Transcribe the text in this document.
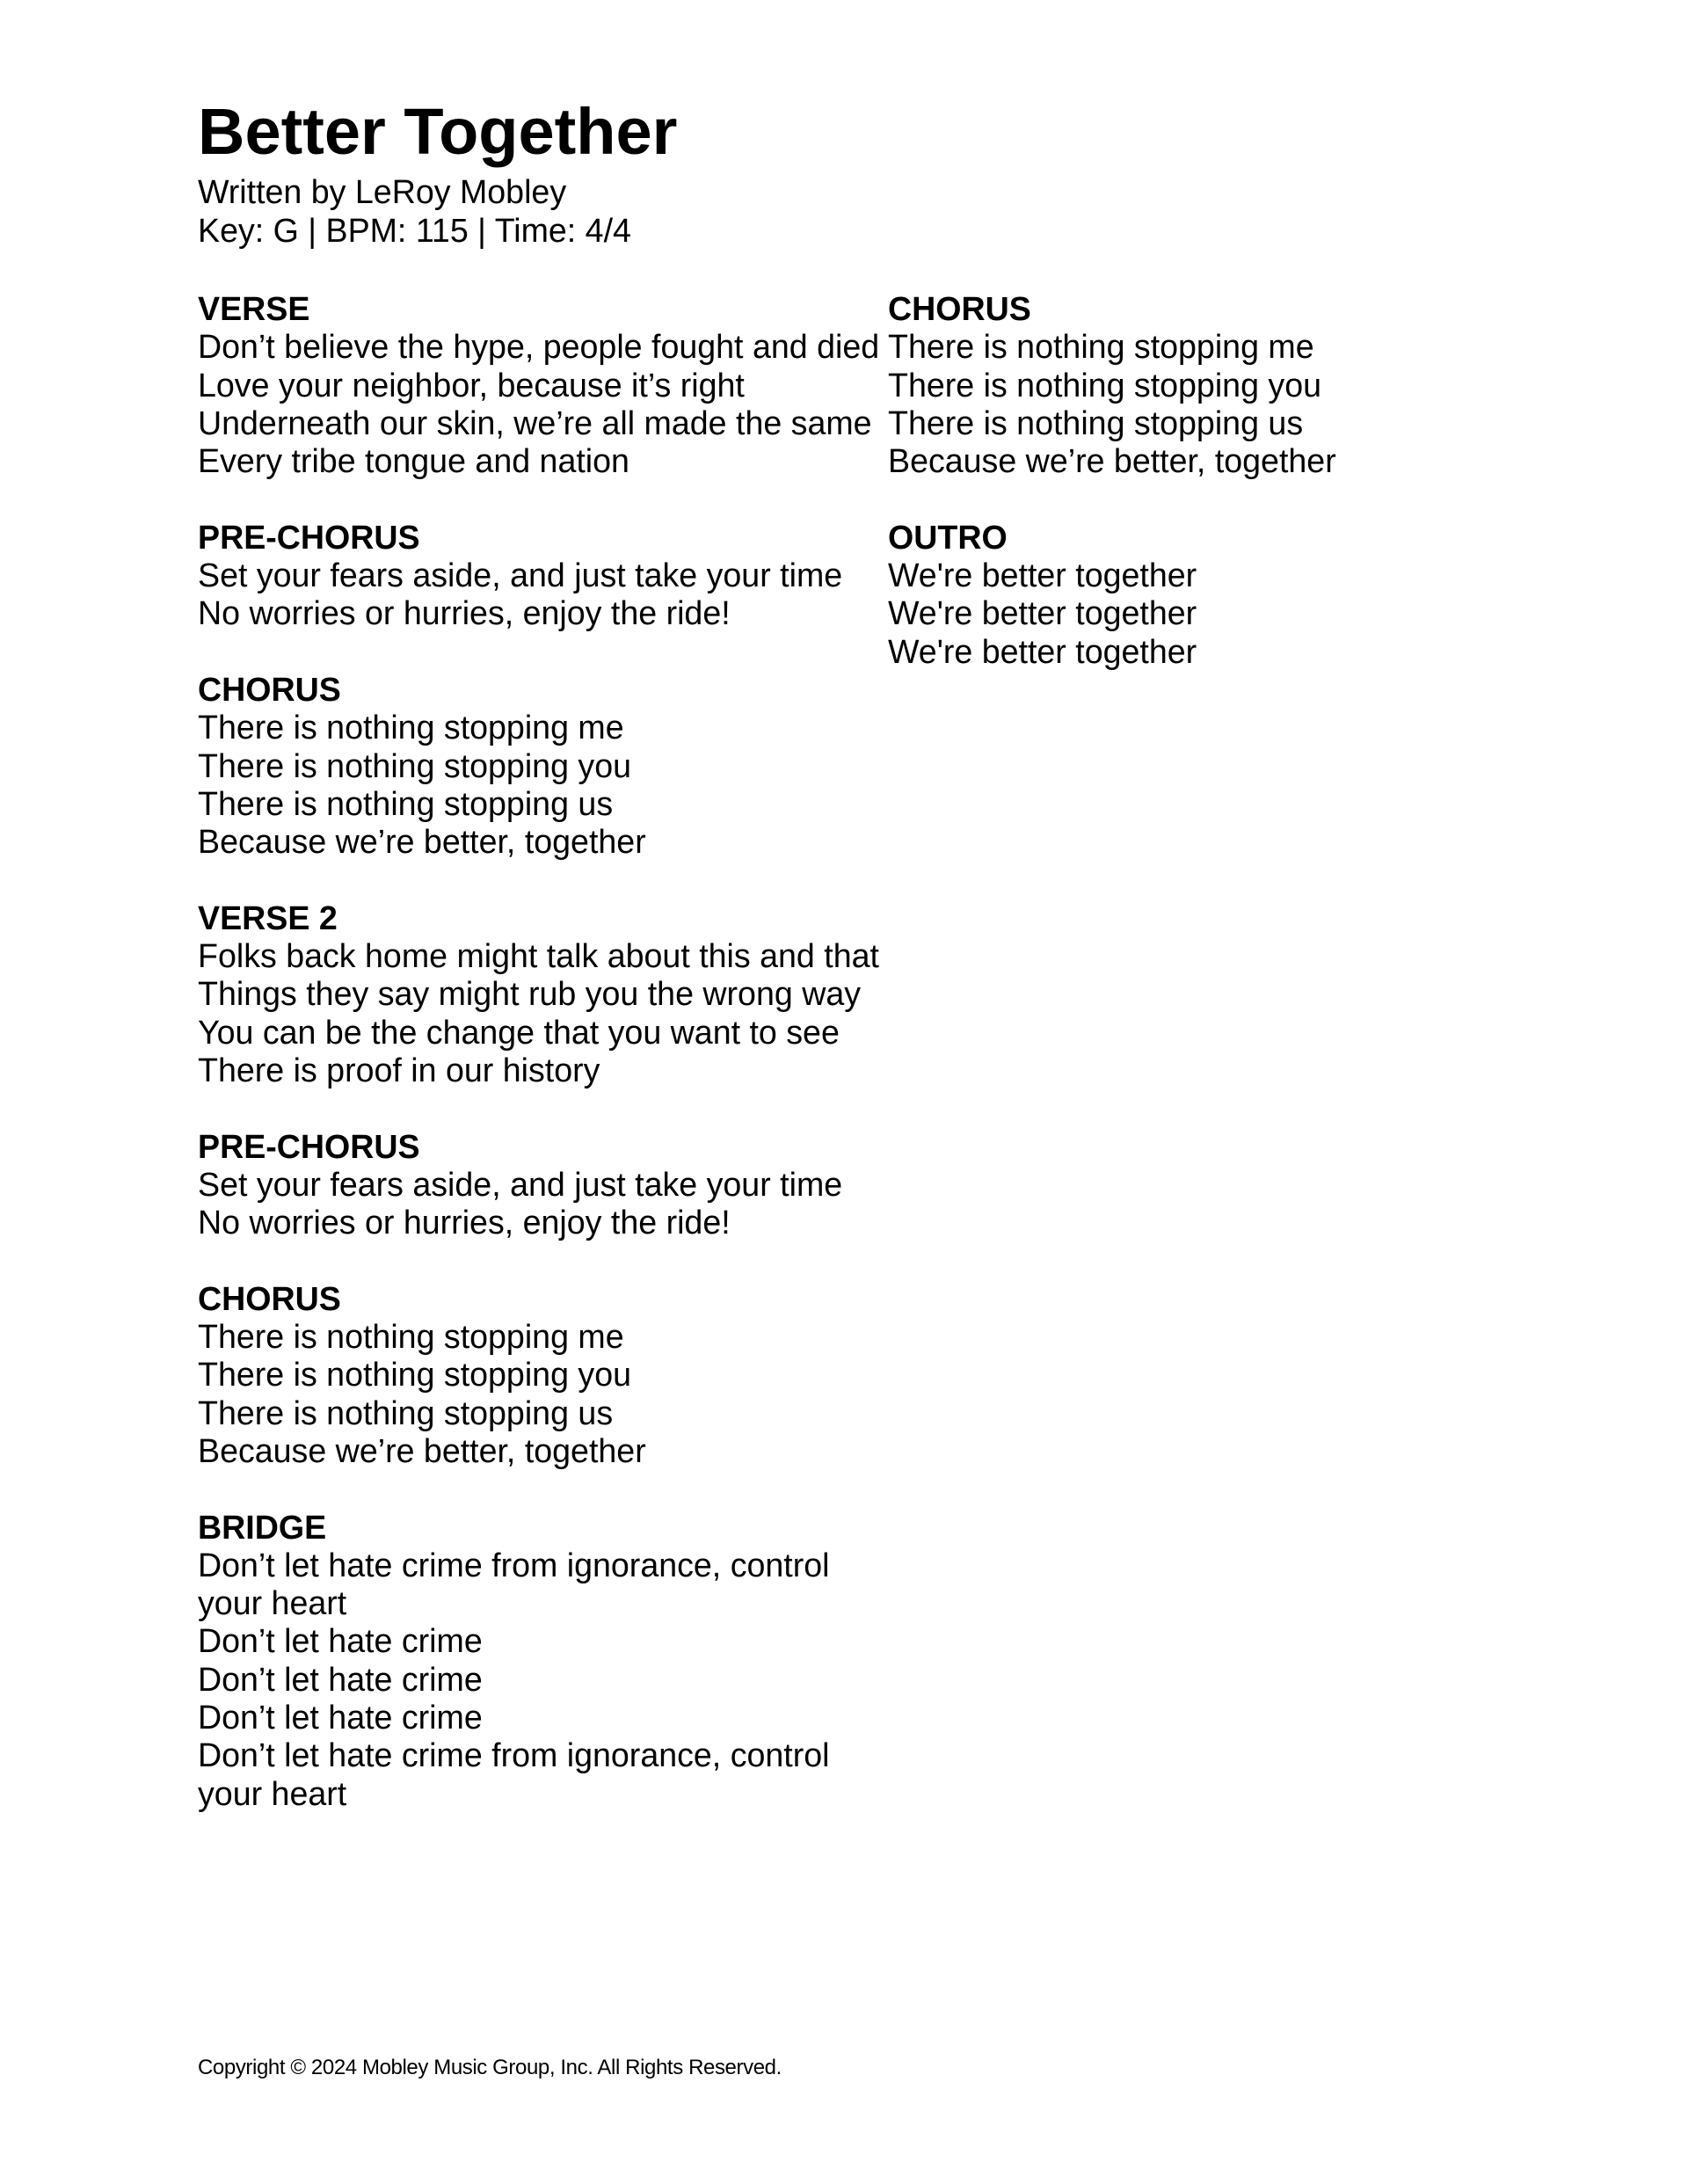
Better Together
Written by LeRoy Mobley
Key: G | BPM: 115 | Time: 4/4
VERSE
Don’t believe the hype, people fought and died
Love your neighbor, because it’s right
Underneath our skin, we’re all made the same
Every tribe tongue and nation
PRE-CHORUS
Set your fears aside, and just take your time
No worries or hurries, enjoy the ride!
CHORUS
There is nothing stopping me
There is nothing stopping you
There is nothing stopping us
Because we’re better, together
VERSE 2
Folks back home might talk about this and that
Things they say might rub you the wrong way
You can be the change that you want to see
There is proof in our history
PRE-CHORUS
Set your fears aside, and just take your time
No worries or hurries, enjoy the ride!
CHORUS
There is nothing stopping me
There is nothing stopping you
There is nothing stopping us
Because we’re better, together
BRIDGE
Don’t let hate crime from ignorance, control
your heart
Don’t let hate crime
Don’t let hate crime
Don’t let hate crime
Don’t let hate crime from ignorance, control
your heart
CHORUS
There is nothing stopping me
There is nothing stopping you
There is nothing stopping us
Because we’re better, together
OUTRO
We're better together
We're better together
We're better together
Copyright © 2024 Mobley Music Group, Inc. All Rights Reserved.
